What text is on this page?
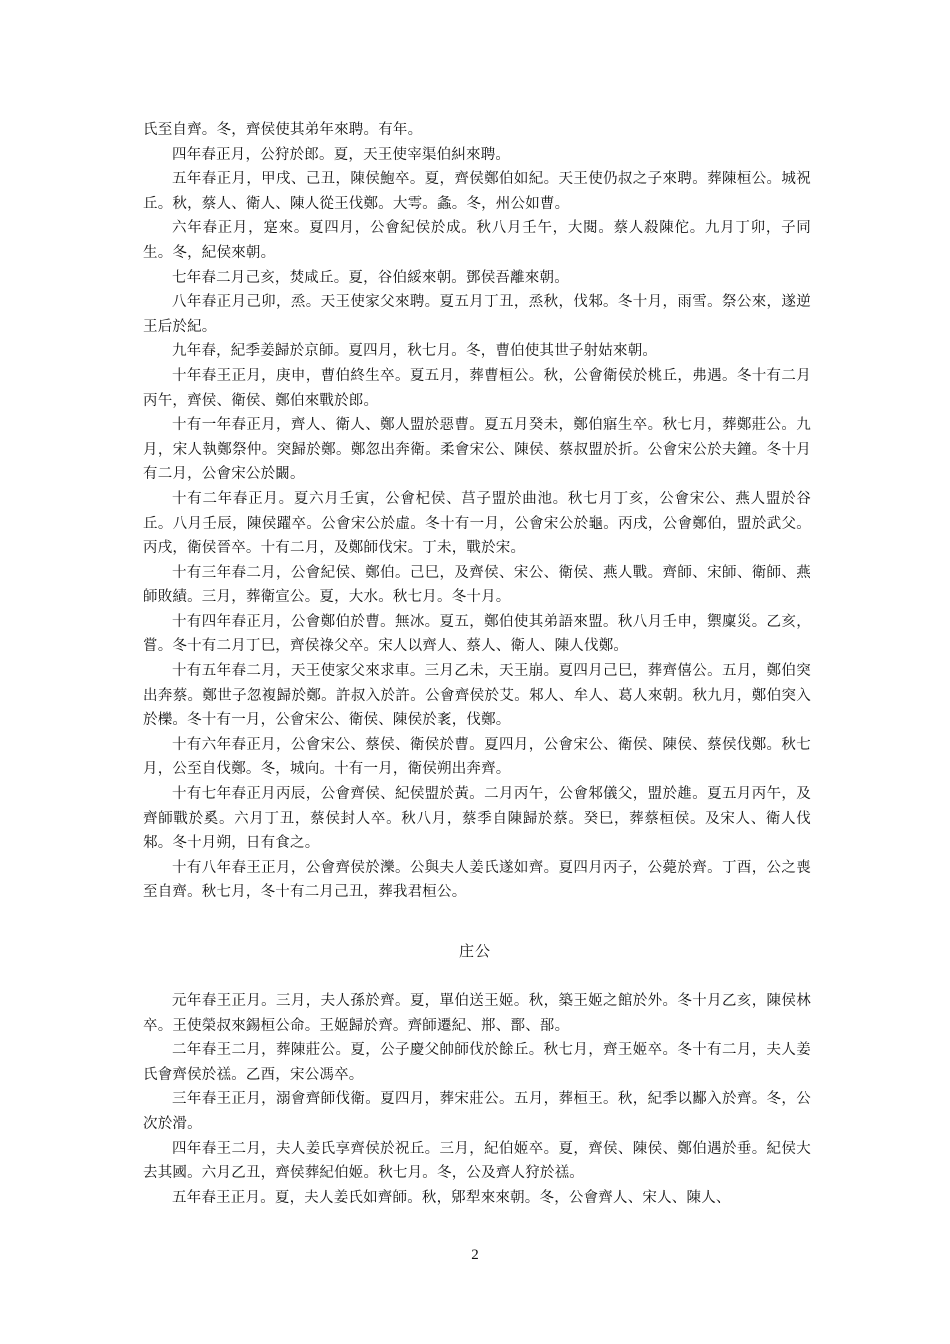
氏至自齊。冬，齊侯使其弟年來聘。有年。

四年春正月，公狩於郎。夏，天王使宰渠伯糾來聘。

五年春正月，甲戌、己丑，陳侯鮑卒。夏，齊侯鄭伯如紀。天王使仍叔之子來聘。葬陳桓公。城祝丘。秋，蔡人、衛人、陳人從王伐鄭。大雩。螽。冬，州公如曹。

六年春正月，寔來。夏四月，公會紀侯於成。秋八月壬午，大閱。蔡人殺陳佗。九月丁卯，子同生。冬，紀侯來朝。

七年春二月己亥，焚咸丘。夏，谷伯綏來朝。鄧侯吾離來朝。

八年春正月己卯，烝。天王使家父來聘。夏五月丁丑，烝秋，伐邾。冬十月，雨雪。祭公來，遂逆王后於紀。

九年春，紀季姜歸於京師。夏四月，秋七月。冬，曹伯使其世子射姑來朝。

十年春王正月，庚申，曹伯終生卒。夏五月，葬曹桓公。秋，公會衛侯於桃丘，弗遇。冬十有二月丙午，齊侯、衛侯、鄭伯來戰於郎。

十有一年春正月，齊人、衛人、鄭人盟於惡曹。夏五月癸未，鄭伯寤生卒。秋七月，葬鄭莊公。九月，宋人執鄭祭仲。突歸於鄭。鄭忽出奔衛。柔會宋公、陳侯、蔡叔盟於折。公會宋公於夫鐘。冬十月有二月，公會宋公於闞。

十有二年春正月。夏六月壬寅，公會杞侯、莒子盟於曲池。秋七月丁亥，公會宋公、燕人盟於谷丘。八月壬辰，陳侯躍卒。公會宋公於虛。冬十有一月，公會宋公於龜。丙戌，公會鄭伯，盟於武父。丙戌，衛侯晉卒。十有二月，及鄭師伐宋。丁未，戰於宋。

十有三年春二月，公會紀侯、鄭伯。己巳，及齊侯、宋公、衛侯、燕人戰。齊師、宋師、衛師、燕師敗績。三月，葬衛宣公。夏，大水。秋七月。冬十月。

十有四年春正月，公會鄭伯於曹。無冰。夏五，鄭伯使其弟語來盟。秋八月壬申，禦廩災。乙亥，嘗。冬十有二月丁巳，齊侯祿父卒。宋人以齊人、蔡人、衛人、陳人伐鄭。

十有五年春二月，天王使家父來求車。三月乙未，天王崩。夏四月己巳，葬齊僖公。五月，鄭伯突出奔蔡。鄭世子忽複歸於鄭。許叔入於許。公會齊侯於艾。邾人、牟人、葛人來朝。秋九月，鄭伯突入於櫟。冬十有一月，公會宋公、衛侯、陳侯於袲，伐鄭。

十有六年春正月，公會宋公、蔡侯、衛侯於曹。夏四月，公會宋公、衛侯、陳侯、蔡侯伐鄭。秋七月，公至自伐鄭。冬，城向。十有一月，衛侯朔出奔齊。

十有七年春正月丙辰，公會齊侯、紀侯盟於黃。二月丙午，公會邾儀父，盟於趡。夏五月丙午，及齊師戰於奚。六月丁丑，蔡侯封人卒。秋八月，蔡季自陳歸於蔡。癸巳，葬蔡桓侯。及宋人、衛人伐邾。冬十月朔，日有食之。

十有八年春王正月，公會齊侯於濼。公與夫人姜氏遂如齊。夏四月丙子，公薨於齊。丁酉，公之喪至自齊。秋七月，冬十有二月己丑，葬我君桓公。

庄公

元年春王正月。三月，夫人孫於齊。夏，單伯送王姬。秋，築王姬之館於外。冬十月乙亥，陳侯林卒。王使榮叔來錫桓公命。王姬歸於齊。齊師遷紀、郱、鄑、郚。

二年春王二月，葬陳莊公。夏，公子慶父帥師伐於餘丘。秋七月，齊王姬卒。冬十有二月，夫人姜氏會齊侯於禚。乙酉，宋公馮卒。

三年春王正月，溺會齊師伐衛。夏四月，葬宋莊公。五月，葬桓王。秋，紀季以酅入於齊。冬，公次於滑。

四年春王二月，夫人姜氏享齊侯於祝丘。三月，紀伯姬卒。夏，齊侯、陳侯、鄭伯遇於垂。紀侯大去其國。六月乙丑，齊侯葬紀伯姬。秋七月。冬，公及齊人狩於禚。

五年春王正月。夏，夫人姜氏如齊師。秋，郳犁來來朝。冬，公會齊人、宋人、陳人、

2
